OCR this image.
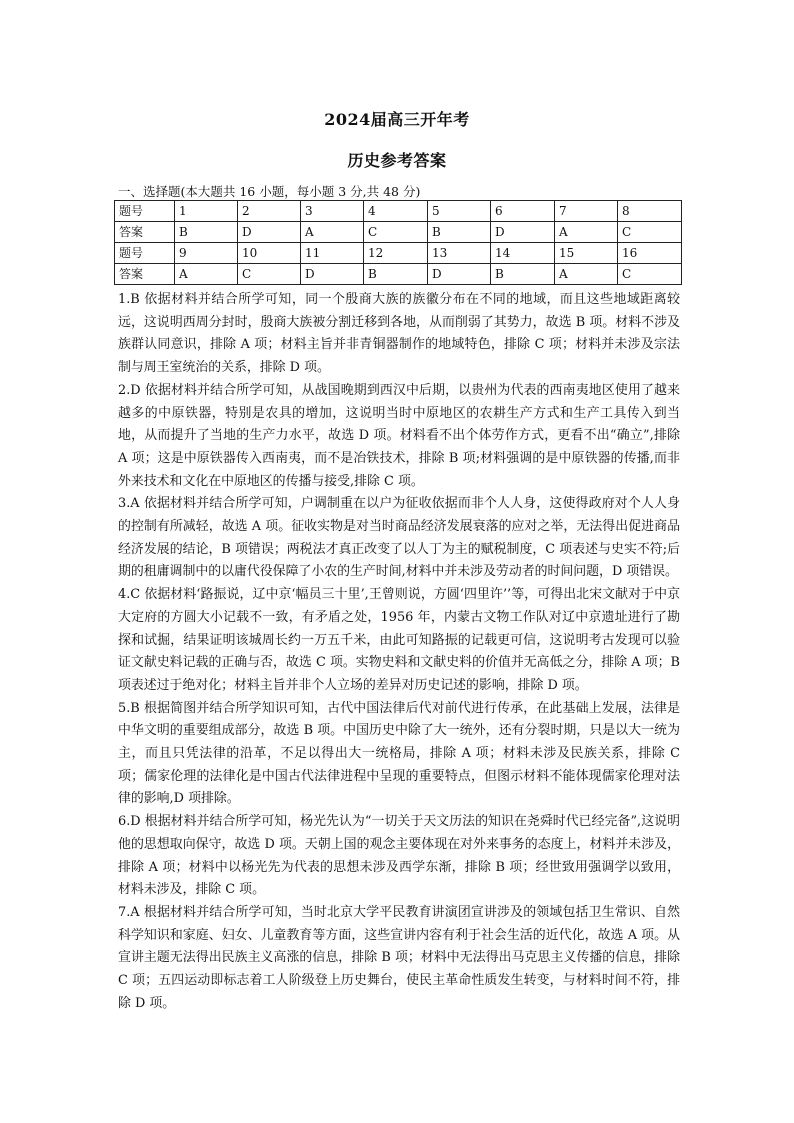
2024届高三开年考
历史参考答案
一、选择题(本大题共 16 小题，每小题 3 分,共 48 分)
题号	1	2	3	4	5	6	7	8
答案	B	D	A	C	B	D	A	C
题号	9	10	11	12	13	14	15	16
答案	A	C	D	B	D	B	A	C

1.B 依据材料并结合所学可知，同一个殷商大族的族徽分布在不同的地域，而且这些地域距离较远，这说明西周分封时，殷商大族被分割迁移到各地，从而削弱了其势力，故选 B 项。材料不涉及族群认同意识，排除 A 项；材料主旨并非青铜器制作的地域特色，排除 C 项；材料并未涉及宗法制与周王室统治的关系，排除 D 项。

2.D 依据材料并结合所学可知，从战国晚期到西汉中后期，以贵州为代表的西南夷地区使用了越来越多的中原铁器，特别是农具的增加，这说明当时中原地区的农耕生产方式和生产工具传入到当地，从而提升了当地的生产力水平，故选 D 项。材料看不出个体劳作方式，更看不出“确立”,排除 A 项；这是中原铁器传入西南夷，而不是冶铁技术，排除 B 项;材料强调的是中原铁器的传播,而非外来技术和文化在中原地区的传播与接受,排除 C 项。

3.A 依据材料并结合所学可知，户调制重在以户为征收依据而非个人人身，这使得政府对个人人身的控制有所减轻，故选 A 项。征收实物是对当时商品经济发展衰落的应对之举，无法得出促进商品经济发展的结论，B 项错误；两税法才真正改变了以人丁为主的赋税制度，C 项表述与史实不符;后期的租庸调制中的以庸代役保障了小农的生产时间,材料中并未涉及劳动者的时间问题，D 项错误。

4.C 依据材料‘路振说，辽中京‘幅员三十里’,王曾则说，方圆‘四里许’’等，可得出北宋文献对于中京大定府的方圆大小记载不一致，有矛盾之处，1956 年，内蒙古文物工作队对辽中京遗址进行了勘探和试掘，结果证明该城周长约一万五千米，由此可知路振的记载更可信，这说明考古发现可以验证文献史料记载的正确与否，故选 C 项。实物史料和文献史料的价值并无高低之分，排除 A 项；B 项表述过于绝对化；材料主旨并非个人立场的差异对历史记述的影响，排除 D 项。

5.B 根据简图并结合所学知识可知，古代中国法律后代对前代进行传承，在此基础上发展，法律是中华文明的重要组成部分，故选 B 项。中国历史中除了大一统外，还有分裂时期，只是以大一统为主，而且只凭法律的沿革，不足以得出大一统格局，排除 A 项；材料未涉及民族关系，排除 C 项；儒家伦理的法律化是中国古代法律进程中呈现的重要特点，但图示材料不能体现儒家伦理对法律的影响,D 项排除。

6.D 根据材料并结合所学可知，杨光先认为“一切关于天文历法的知识在尧舜时代已经完备”,这说明他的思想取向保守，故选 D 项。天朝上国的观念主要体现在对外来事务的态度上，材料并未涉及，排除 A 项；材料中以杨光先为代表的思想未涉及西学东渐，排除 B 项；经世致用强调学以致用，材料未涉及，排除 C 项。

7.A 根据材料并结合所学可知，当时北京大学平民教育讲演团宣讲涉及的领域包括卫生常识、自然科学知识和家庭、妇女、儿童教育等方面，这些宣讲内容有利于社会生活的近代化，故选 A 项。从宣讲主题无法得出民族主义高涨的信息，排除 B 项；材料中无法得出马克思主义传播的信息，排除 C 项；五四运动即标志着工人阶级登上历史舞台，使民主革命性质发生转变，与材料时间不符，排除 D 项。
